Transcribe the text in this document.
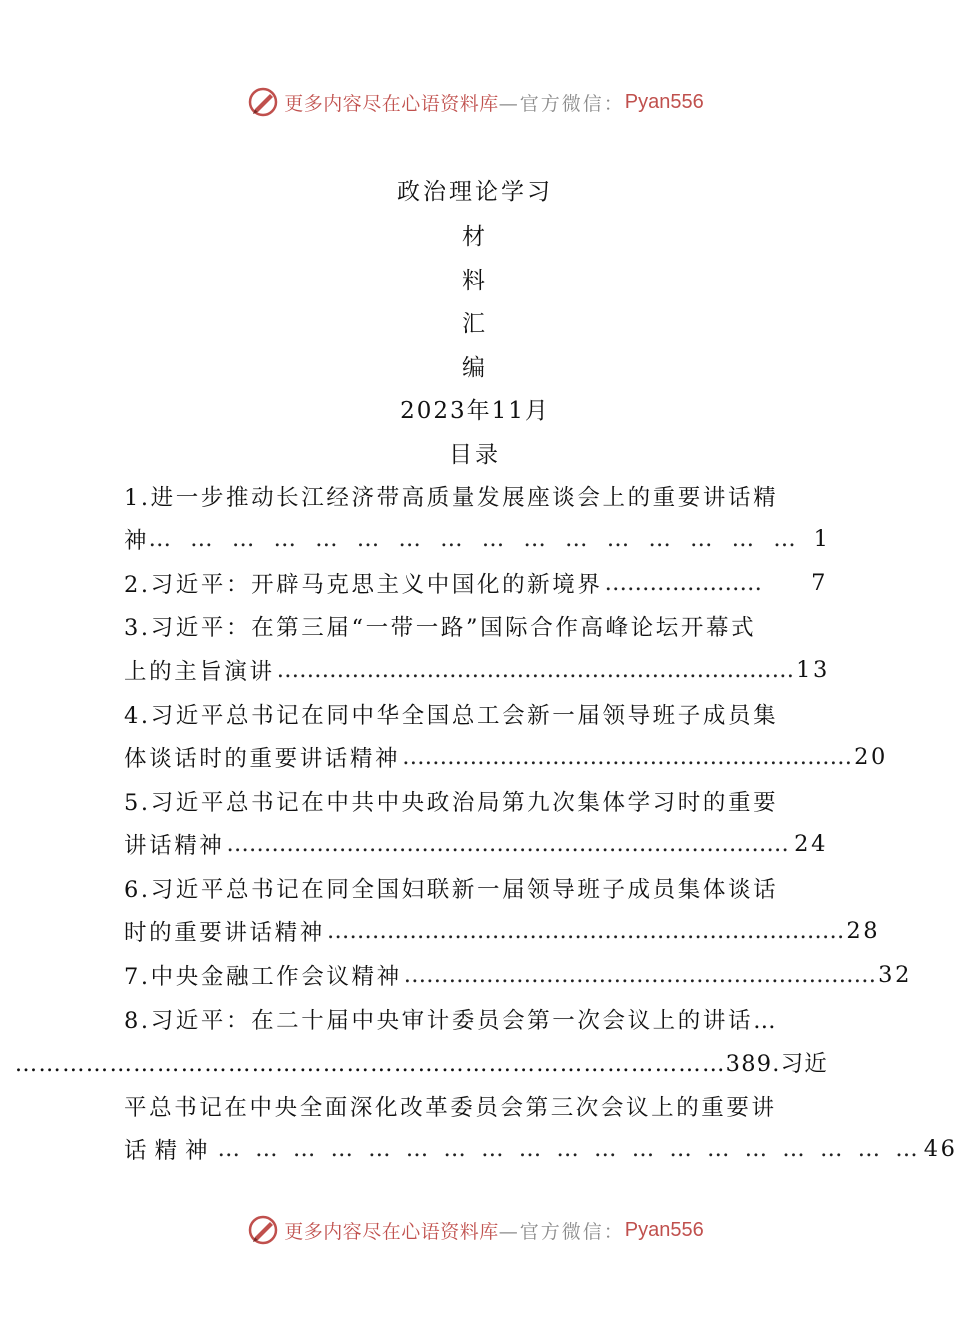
更多内容尽在心语资料库 —官方微信： Pyan556
政治理论学习
材
料
汇
编
2023年11月
目录
1.进一步推动长江经济带高质量发展座谈会上的重要讲话精
神 … … … … … … … … … … … … … … … … 1
2.习近平：开辟马克思主义中国化的新境界 …………………	7
3.习近平：在第三届“一带一路”国际合作高峰论坛开幕式
上的主旨演讲 …………………………………………………………… 13
4.习近平总书记在同中华全国总工会新一届领导班子成员集
体谈话时的重要讲话精神 …………………………………………………… 20
5.习近平总书记在中共中央政治局第九次集体学习时的重要
讲话精神 ………………………………………………………………… 24
6.习近平总书记在同全国妇联新一届领导班子成员集体谈话
时的重要讲话精神 …………………………………………………………… 28
7.中央金融工作会议精神 ……………………………………………………… 32
8.习近平：在二十届中央审计委员会第一次会议上的讲话…
………………………………………………………………………………389.习近
平总书记在中央全面深化改革委员会第三次会议上的重要讲
话精神 … … … … … … … … … … … … … … … … … … … 46
更多内容尽在心语资料库 —官方微信： Pyan556
